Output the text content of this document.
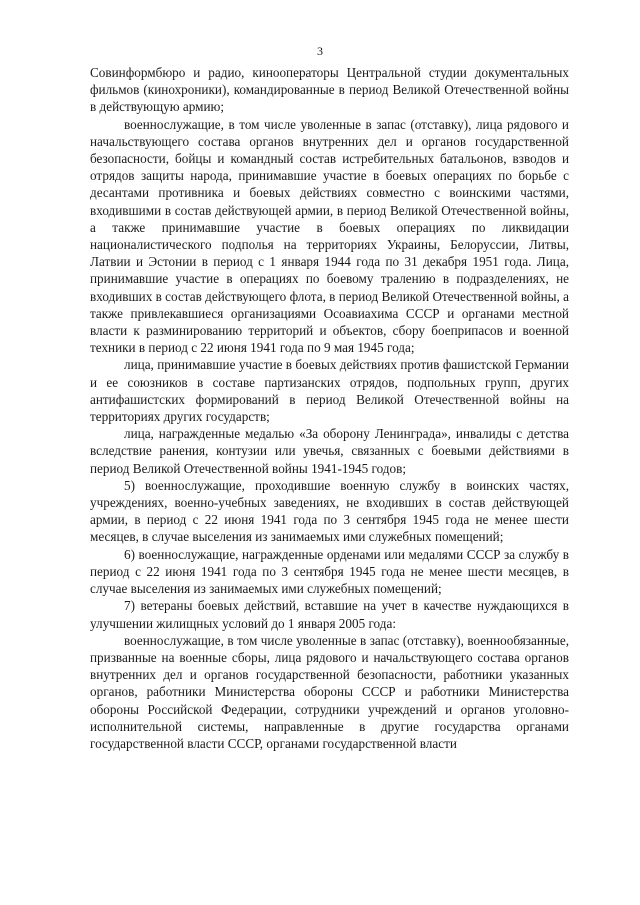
3

Совинформбюро и радио, кинооператоры Центральной студии документальных фильмов (кинохроники), командированные в период Великой Отечественной войны в действующую армию;

военнослужащие, в том числе уволенные в запас (отставку), лица рядового и начальствующего состава органов внутренних дел и органов государственной безопасности, бойцы и командный состав истребительных батальонов, взводов и отрядов защиты народа, принимавшие участие в боевых операциях по борьбе с десантами противника и боевых действиях совместно с воинскими частями, входившими в состав действующей армии, в период Великой Отечественной войны, а также принимавшие участие в боевых операциях по ликвидации националистического подполья на территориях Украины, Белоруссии, Литвы, Латвии и Эстонии в период с 1 января 1944 года по 31 декабря 1951 года. Лица, принимавшие участие в операциях по боевому тралению в подразделениях, не входивших в состав действующего флота, в период Великой Отечественной войны, а также привлекавшиеся организациями Осоавиахима СССР и органами местной власти к разминированию территорий и объектов, сбору боеприпасов и военной техники в период с 22 июня 1941 года по 9 мая 1945 года;

лица, принимавшие участие в боевых действиях против фашистской Германии и ее союзников в составе партизанских отрядов, подпольных групп, других антифашистских формирований в период Великой Отечественной войны на территориях других государств;

лица, награжденные медалью «За оборону Ленинграда», инвалиды с детства вследствие ранения, контузии или увечья, связанных с боевыми действиями в период Великой Отечественной войны 1941-1945 годов;

5) военнослужащие, проходившие военную службу в воинских частях, учреждениях, военно-учебных заведениях, не входивших в состав действующей армии, в период с 22 июня 1941 года по 3 сентября 1945 года не менее шести месяцев, в случае выселения из занимаемых ими служебных помещений;

6) военнослужащие, награжденные орденами или медалями СССР за службу в период с 22 июня 1941 года по 3 сентября 1945 года не менее шести месяцев, в случае выселения из занимаемых ими служебных помещений;

7) ветераны боевых действий, вставшие на учет в качестве нуждающихся в улучшении жилищных условий до 1 января 2005 года:

военнослужащие, в том числе уволенные в запас (отставку), военнообязанные, призванные на военные сборы, лица рядового и начальствующего состава органов внутренних дел и органов государственной безопасности, работники указанных органов, работники Министерства обороны СССР и работники Министерства обороны Российской Федерации, сотрудники учреждений и органов уголовно-исполнительной системы, направленные в другие государства органами государственной власти СССР, органами государственной власти
